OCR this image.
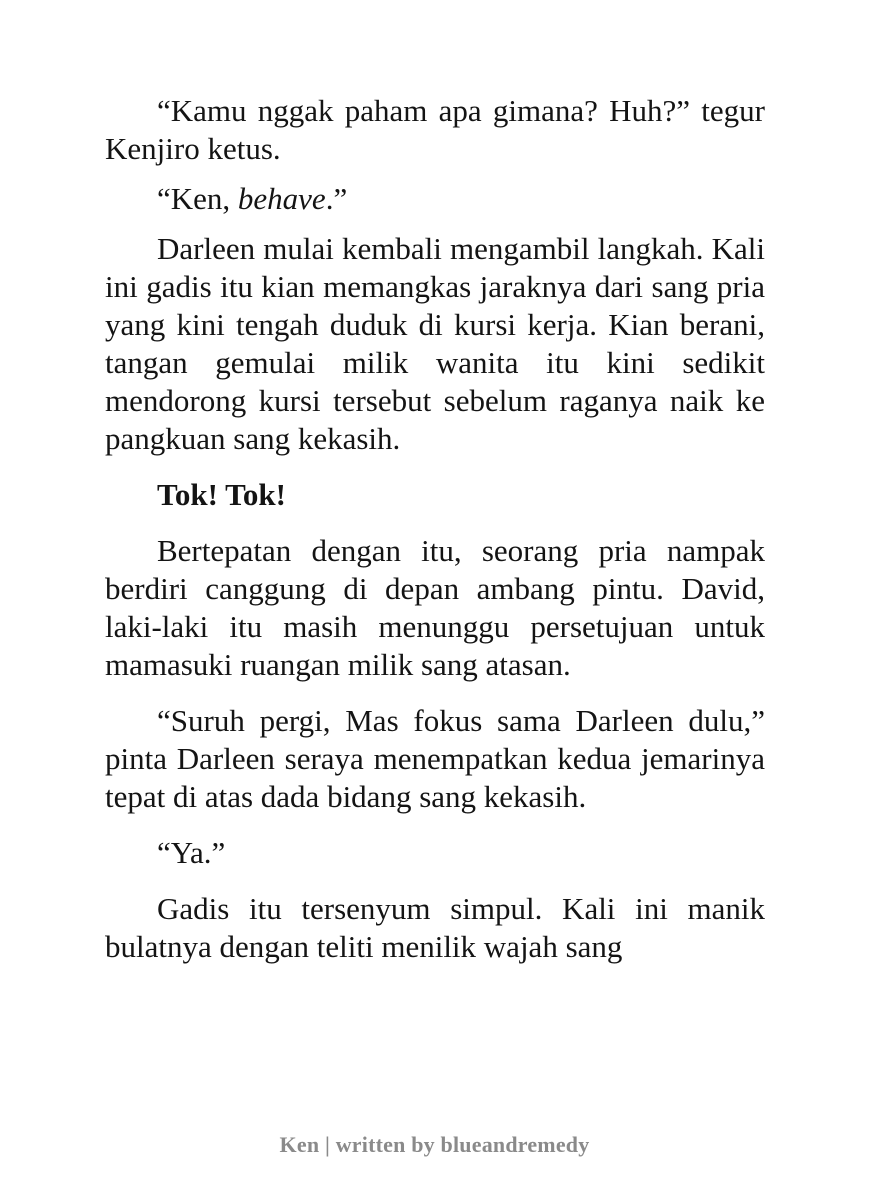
“Kamu nggak paham apa gimana? Huh?” tegur Kenjiro ketus.

“Ken, behave.”

Darleen mulai kembali mengambil langkah. Kali ini gadis itu kian memangkas jaraknya dari sang pria yang kini tengah duduk di kursi kerja. Kian berani, tangan gemulai milik wanita itu kini sedikit mendorong kursi tersebut sebelum raganya naik ke pangkuan sang kekasih.

Tok! Tok!

Bertepatan dengan itu, seorang pria nampak berdiri canggung di depan ambang pintu. David, laki-laki itu masih menunggu persetujuan untuk mamasuki ruangan milik sang atasan.

“Suruh pergi, Mas fokus sama Darleen dulu,” pinta Darleen seraya menempatkan kedua jemarinya tepat di atas dada bidang sang kekasih.

“Ya.”

Gadis itu tersenyum simpul. Kali ini manik bulatnya dengan teliti menilik wajah sang

Ken | written by blueandremedy
